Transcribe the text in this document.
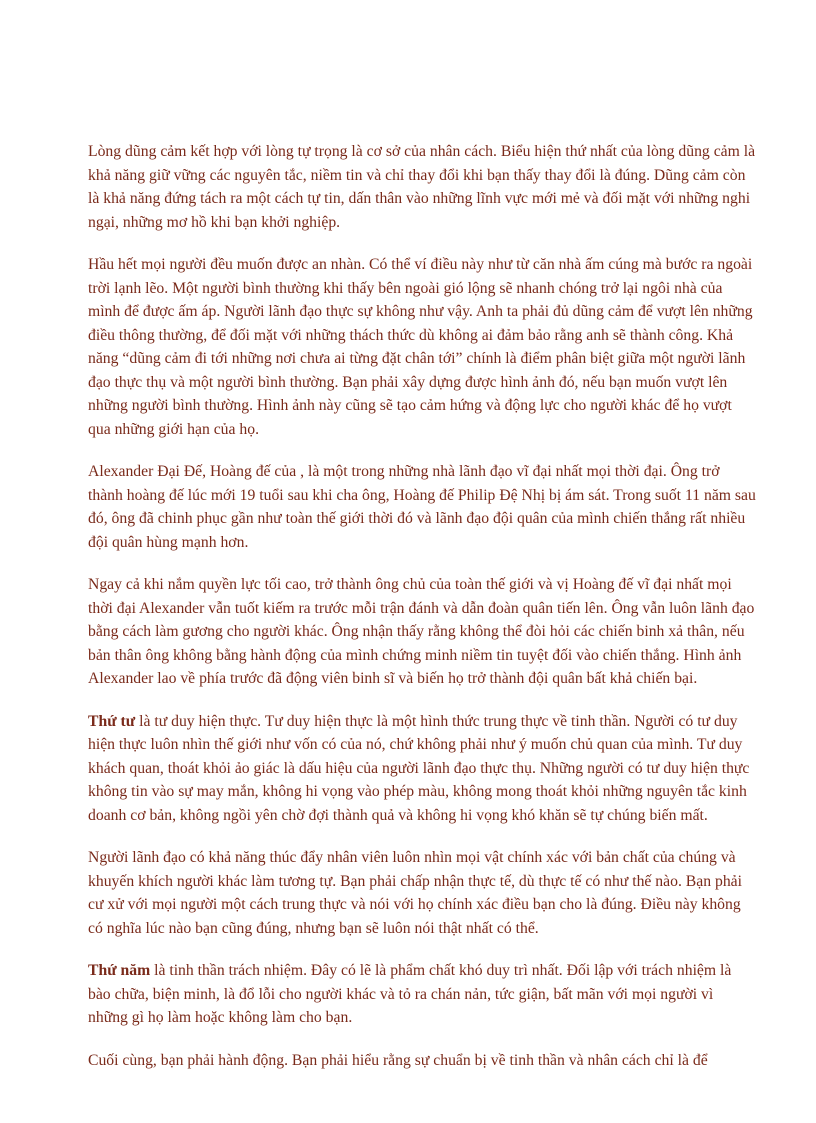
Lòng dũng cảm kết hợp với lòng tự trọng là cơ sở của nhân cách. Biểu hiện thứ nhất của lòng dũng cảm là khả năng giữ vững các nguyên tắc, niềm tin và chỉ thay đổi khi bạn thấy thay đổi là đúng. Dũng cảm còn là khả năng đứng tách ra một cách tự tin, dấn thân vào những lĩnh vực mới mẻ và đối mặt với những nghi ngại, những mơ hồ khi bạn khởi nghiệp.

Hầu hết mọi người đều muốn được an nhàn. Có thể ví điều này như từ căn nhà ấm cúng mà bước ra ngoài trời lạnh lẽo. Một người bình thường khi thấy bên ngoài gió lộng sẽ nhanh chóng trở lại ngôi nhà của mình để được ấm áp. Người lãnh đạo thực sự không như vậy. Anh ta phải đủ dũng cảm để vượt lên những điều thông thường, để đối mặt với những thách thức dù không ai đảm bảo rằng anh sẽ thành công. Khả năng “dũng cảm đi tới những nơi chưa ai từng đặt chân tới” chính là điểm phân biệt giữa một người lãnh đạo thực thụ và một người bình thường. Bạn phải xây dựng được hình ảnh đó, nếu bạn muốn vượt lên những người bình thường. Hình ảnh này cũng sẽ tạo cảm hứng và động lực cho người khác để họ vượt qua những giới hạn của họ.

Alexander Đại Đế, Hoàng đế của , là một trong những nhà lãnh đạo vĩ đại nhất mọi thời đại. Ông trở thành hoàng đế lúc mới 19 tuổi sau khi cha ông, Hoàng đế Philip Đệ Nhị bị ám sát. Trong suốt 11 năm sau đó, ông đã chinh phục gần như toàn thế giới thời đó và lãnh đạo đội quân của mình chiến thắng rất nhiều đội quân hùng mạnh hơn.

Ngay cả khi nắm quyền lực tối cao, trở thành ông chủ của toàn thế giới và vị Hoàng đế vĩ đại nhất mọi thời đại Alexander vẫn tuốt kiếm ra trước mỗi trận đánh và dẫn đoàn quân tiến lên. Ông vẫn luôn lãnh đạo bằng cách làm gương cho người khác. Ông nhận thấy rằng không thể đòi hỏi các chiến binh xả thân, nếu bản thân ông không bằng hành động của mình chứng minh niềm tin tuyệt đối vào chiến thắng. Hình ảnh Alexander lao về phía trước đã động viên binh sĩ và biến họ trở thành đội quân bất khả chiến bại.

Thứ tư là tư duy hiện thực. Tư duy hiện thực là một hình thức trung thực về tinh thần. Người có tư duy hiện thực luôn nhìn thế giới như vốn có của nó, chứ không phải như ý muốn chủ quan của mình. Tư duy khách quan, thoát khỏi ảo giác là dấu hiệu của người lãnh đạo thực thụ. Những người có tư duy hiện thực không tin vào sự may mắn, không hi vọng vào phép màu, không mong thoát khỏi những nguyên tắc kinh doanh cơ bản, không ngồi yên chờ đợi thành quả và không hi vọng khó khăn sẽ tự chúng biến mất.

Người lãnh đạo có khả năng thúc đẩy nhân viên luôn nhìn mọi vật chính xác với bản chất của chúng và khuyến khích người khác làm tương tự. Bạn phải chấp nhận thực tế, dù thực tế có như thế nào. Bạn phải cư xử với mọi người một cách trung thực và nói với họ chính xác điều bạn cho là đúng. Điều này không có nghĩa lúc nào bạn cũng đúng, nhưng bạn sẽ luôn nói thật nhất có thể.

Thứ năm là tinh thần trách nhiệm. Đây có lẽ là phẩm chất khó duy trì nhất. Đối lập với trách nhiệm là bào chữa, biện minh, là đổ lỗi cho người khác và tỏ ra chán nản, tức giận, bất mãn với mọi người vì những gì họ làm hoặc không làm cho bạn.

Cuối cùng, bạn phải hành động. Bạn phải hiểu rằng sự chuẩn bị về tinh thần và nhân cách chỉ là để
